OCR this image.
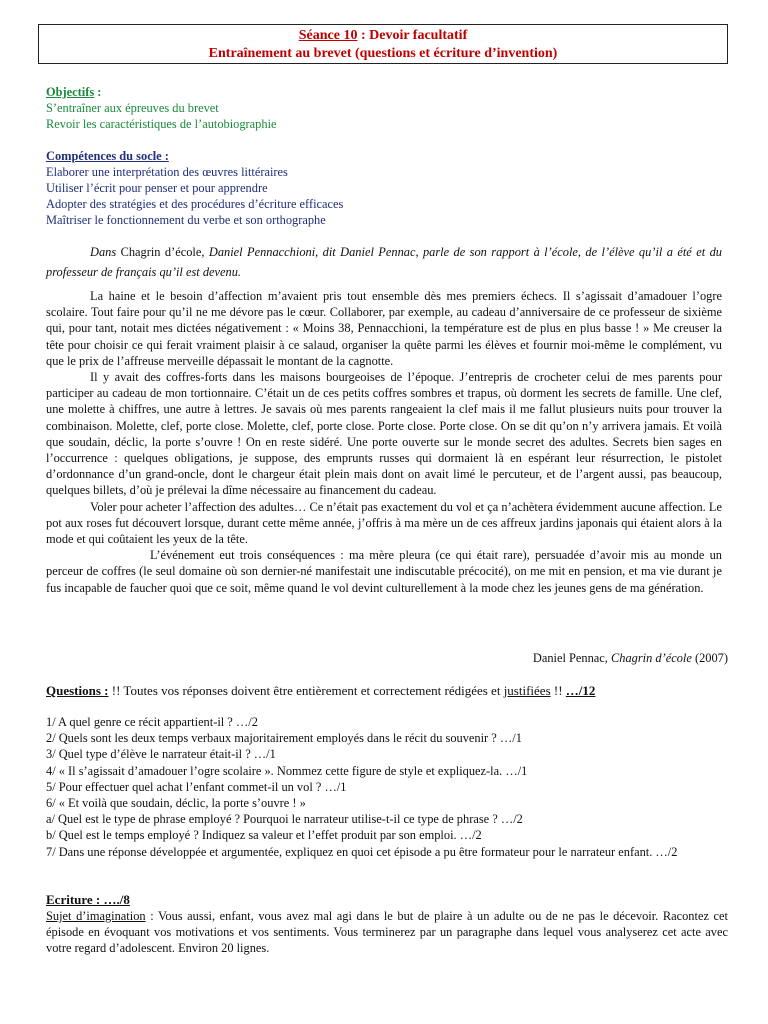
Séance 10 : Devoir facultatif
Entraînement au brevet (questions et écriture d’invention)
Objectifs :
S’entraîner aux épreuves du brevet
Revoir les caractéristiques de l’autobiographie
Compétences du socle :
Elaborer une interprétation des œuvres littéraires
Utiliser l’écrit pour penser et pour apprendre
Adopter des stratégies et des procédures d’écriture efficaces
Maîtriser le fonctionnement du verbe et son orthographe
Dans Chagrin d’école, Daniel Pennacchioni, dit Daniel Pennac, parle de son rapport à l’école, de l’élève qu’il a été et du professeur de français qu’il est devenu.

La haine et le besoin d’affection m’avaient pris tout ensemble dès mes premiers échecs. Il s’agissait d’amadouer l’ogre scolaire. Tout faire pour qu’il ne me dévore pas le cœur. Collaborer, par exemple, au cadeau d’anniversaire de ce professeur de sixième qui, pour tant, notait mes dictées négativement : « Moins 38, Pennacchioni, la température est de plus en plus basse ! » Me creuser la tête pour choisir ce qui ferait vraiment plaisir à ce salaud, organiser la quête parmi les élèves et fournir moi-même le complément, vu que le prix de l’affreuse merveille dépassait le montant de la cagnotte.

Il y avait des coffres-forts dans les maisons bourgeoises de l’époque. J’entrepris de crocheter celui de mes parents pour participer au cadeau de mon tortionnaire. C’était un de ces petits coffres sombres et trapus, où dorment les secrets de famille. Une clef, une molette à chiffres, une autre à lettres. Je savais où mes parents rangeaient la clef mais il me fallut plusieurs nuits pour trouver la combinaison. Molette, clef, porte close. Molette, clef, porte close. Porte close. Porte close. On se dit qu’on n’y arrivera jamais. Et voilà que soudain, déclic, la porte s’ouvre ! On en reste sidéré. Une porte ouverte sur le monde secret des adultes. Secrets bien sages en l’occurrence : quelques obligations, je suppose, des emprunts russes qui dormaient là en espérant leur résurrection, le pistolet d’ordonnance d’un grand-oncle, dont le chargeur était plein mais dont on avait limé le percuteur, et de l’argent aussi, pas beaucoup, quelques billets, d’où je prélevai la dîme nécessaire au financement du cadeau.

Voler pour acheter l’affection des adultes… Ce n’était pas exactement du vol et ça n’achètera évidemment aucune affection. Le pot aux roses fut découvert lorsque, durant cette même année, j’offris à ma mère un de ces affreux jardins japonais qui étaient alors à la mode et qui coûtaient les yeux de la tête.

L’événement eut trois conséquences : ma mère pleura (ce qui était rare), persuadée d’avoir mis au monde un perceur de coffres (le seul domaine où son dernier-né manifestait une indiscutable précocité), on me mit en pension, et ma vie durant je fus incapable de faucher quoi que ce soit, même quand le vol devint culturellement à la mode chez les jeunes gens de ma génération.

Daniel Pennac, Chagrin d’école (2007)
Questions : !! Toutes vos réponses doivent être entièrement et correctement rédigées et justifiées !! …/12
1/ A quel genre ce récit appartient-il ? …/2
2/ Quels sont les deux temps verbaux majoritairement employés dans le récit du souvenir ? …/1
3/ Quel type d’élève le narrateur était-il ? …/1
4/ « Il s’agissait d’amadouer l’ogre scolaire ». Nommez cette figure de style et expliquez-la. …/1
5/ Pour effectuer quel achat l’enfant commet-il un vol ? …/1
6/ « Et voilà que soudain, déclic, la porte s’ouvre ! »
a/ Quel est le type de phrase employé ? Pourquoi le narrateur utilise-t-il ce type de phrase ? …/2
b/ Quel est le temps employé ? Indiquez sa valeur et l’effet produit par son emploi. …/2
7/ Dans une réponse développée et argumentée, expliquez en quoi cet épisode a pu être formateur pour le narrateur enfant. …/2
Ecriture : …./8
Sujet d’imagination : Vous aussi, enfant, vous avez mal agi dans le but de plaire à un adulte ou de ne pas le décevoir. Racontez cet épisode en évoquant vos motivations et vos sentiments. Vous terminerez par un paragraphe dans lequel vous analyserez cet acte avec votre regard d’adolescent. Environ 20 lignes.
